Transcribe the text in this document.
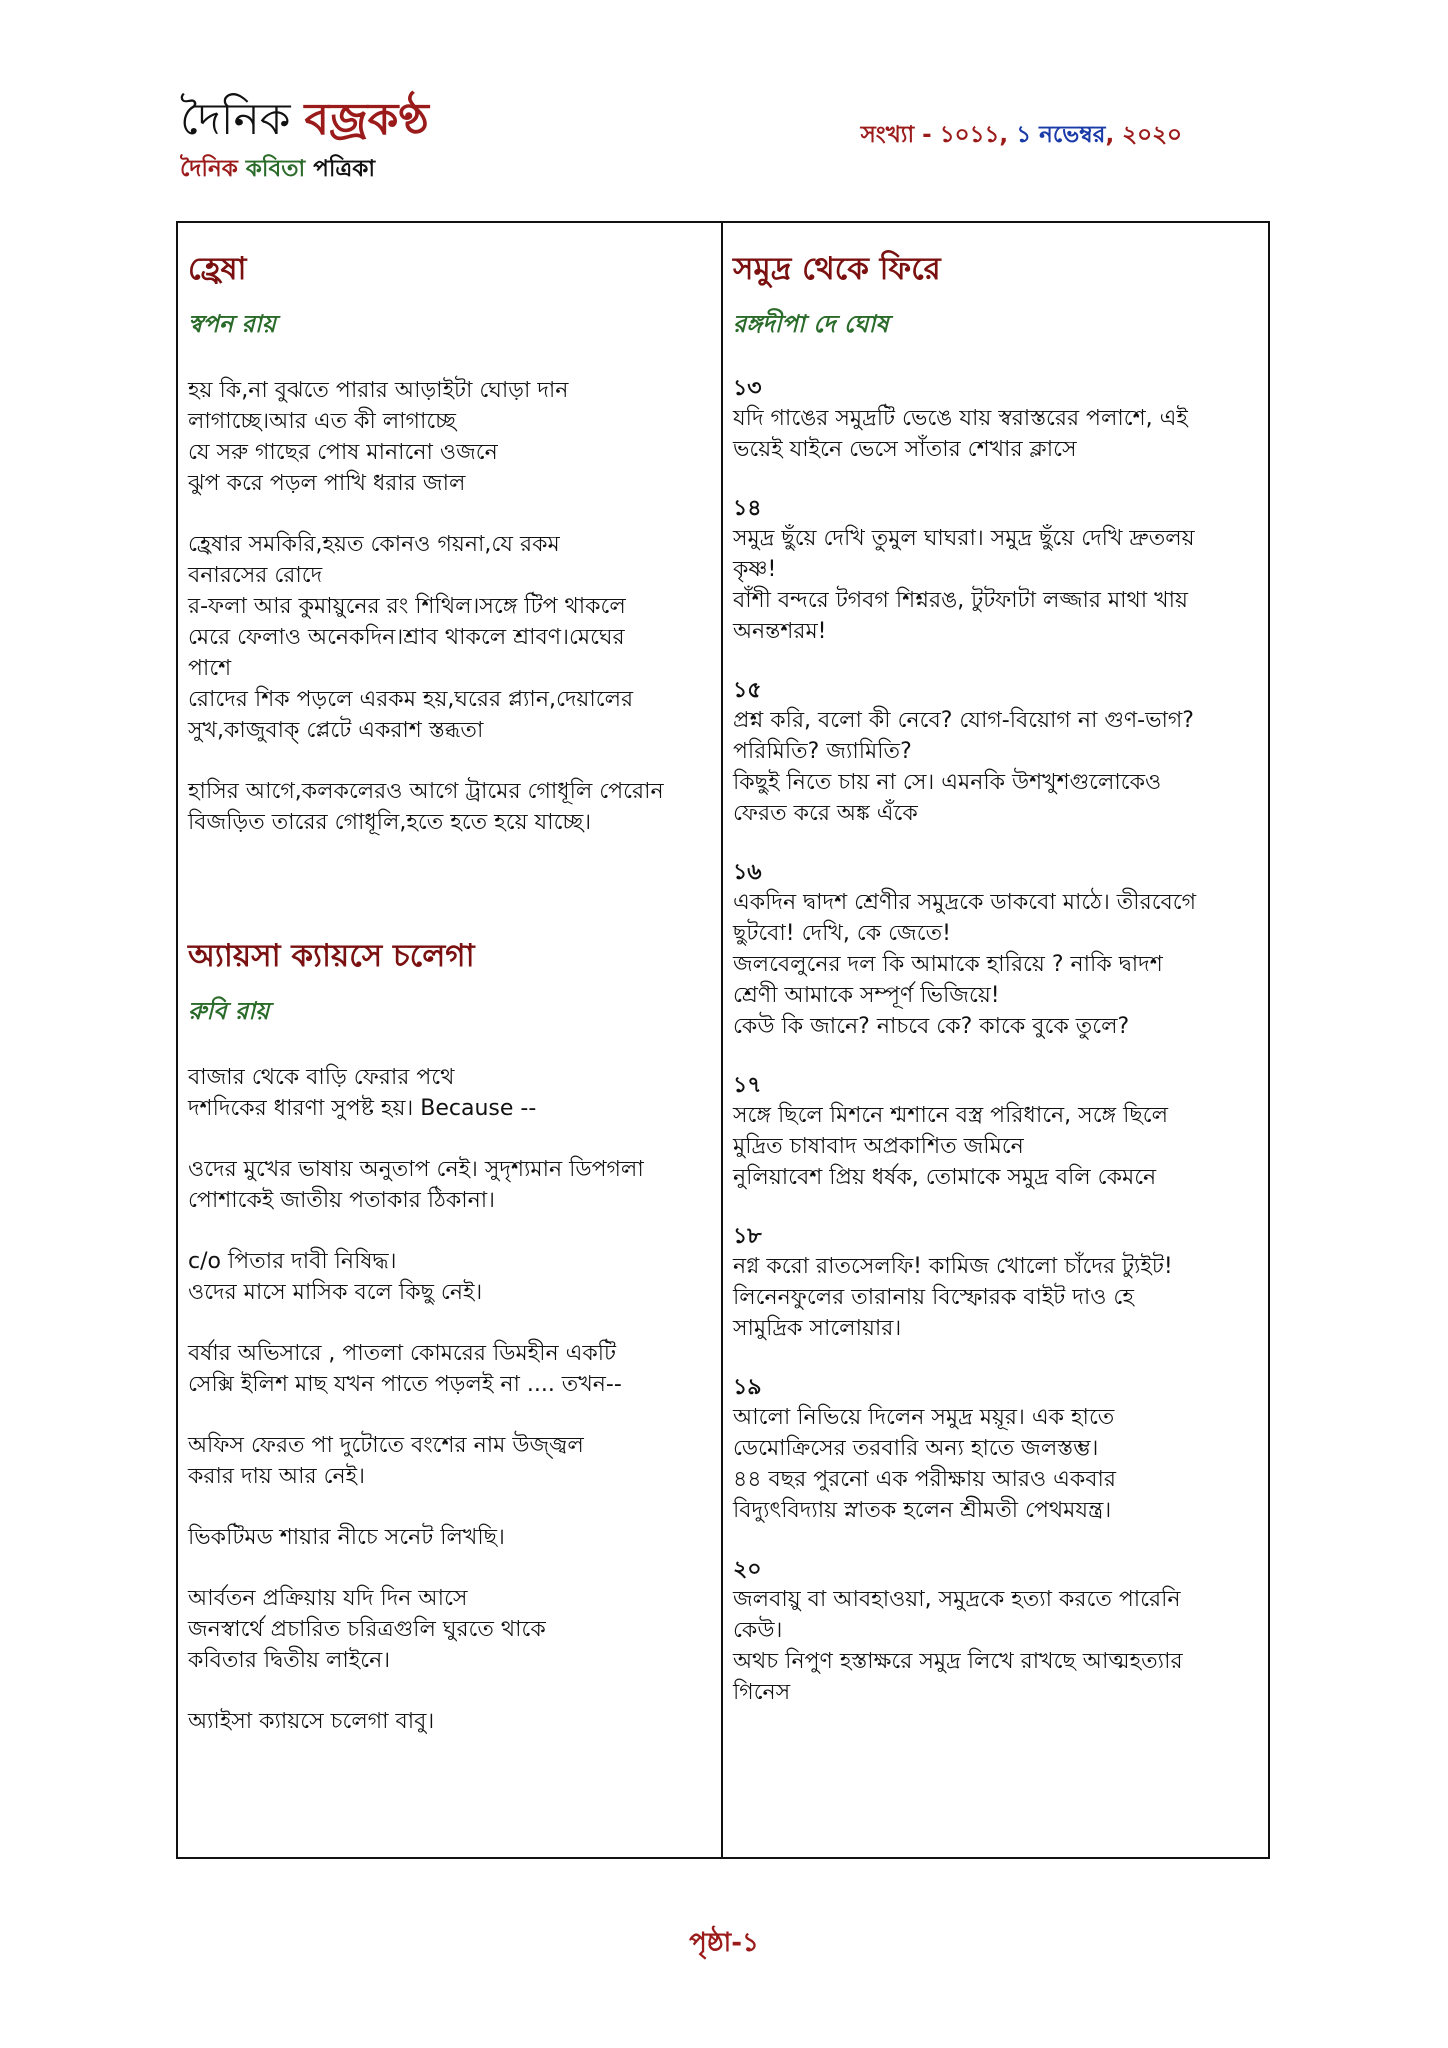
দৈনিক বজ্রকণ্ঠ
দৈনিক কবিতা পত্রিকা
সংখ্যা - ১০১১, ১ নভেম্বর, ২০২০
হ্রেষা
স্বপন রায়
হয় কি,না বুঝতে পারার আড়াইটা ঘোড়া দান
লাগাচ্ছে।আর এত কী লাগাচ্ছে
যে সরু গাছের পোষ মানানো ওজনে
ঝুপ করে পড়ল পাখি ধরার জাল
হ্রেষার সমকিরি,হয়ত কোনও গয়না,যে রকম
বনারসের রোদে
র-ফলা আর কুমায়ুনের রং শিথিল।সঙ্গে টিপ থাকলে
মেরে ফেলাও অনেকদিন।শ্রাব থাকলে শ্রাবণ।মেঘের
পাশে
রোদের শিক পড়লে এরকম হয়,ঘরের প্ল্যান,দেয়ালের
সুখ,কাজুবাক্‌ প্লেটে একরাশ স্তব্ধতা
হাসির আগে,কলকলেরও আগে ট্রামের গোধূলি পেরোন
বিজড়িত তারের গোধূলি,হতে হতে হয়ে যাচ্ছে।
অ্যায়সা ক্যায়সে চলেগা
রুবি রায়
বাজার থেকে বাড়ি ফেরার পথে
দশদিকের ধারণা সুপষ্ট হয়। Because --
ওদের মুখের ভাষায় অনুতাপ নেই। সুদৃশ্যমান ডিপগলা
পোশাকেই জাতীয় পতাকার ঠিকানা।
c/o পিতার দাবী নিষিদ্ধ।
ওদের মাসে মাসিক বলে কিছু নেই।
বর্ষার অভিসারে , পাতলা কোমরের ডিমহীন একটি
সেক্সি ইলিশ মাছ যখন পাতে পড়লই না .... তখন--
অফিস ফেরত পা দুটোতে বংশের নাম উজ্জ্বল
করার দায় আর নেই।
ভিকটিমড শায়ার নীচে সনেট লিখছি।
আর্বতন প্রক্রিয়ায় যদি দিন আসে
জনস্বার্থে প্রচারিত চরিত্রগুলি ঘুরতে থাকে
কবিতার দ্বিতীয় লাইনে।
অ্যাইসা ক্যায়সে চলেগা বাবু।
সমুদ্র থেকে ফিরে
রঙ্গদীপা দে ঘোষ
১৩
যদি গাঙের সমুদ্রটি ভেঙে যায় স্বরাস্তরের পলাশে, এই
ভয়েই যাইনে ভেসে সাঁতার শেখার ক্লাসে
১৪
সমুদ্র ছুঁয়ে দেখি তুমুল ঘাঘরা। সমুদ্র ছুঁয়ে দেখি দ্রুতলয়
কৃষ্ণ!
বাঁশী বন্দরে টগবগ শিশ্নরঙ, টুটফাটা লজ্জার মাথা খায়
অনন্তশরম!
১৫
প্রশ্ন করি, বলো কী নেবে? যোগ-বিয়োগ না গুণ-ভাগ?
পরিমিতি? জ্যামিতি?
কিছুই নিতে চায় না সে। এমনকি উশখুশগুলোকেও
ফেরত করে অঙ্ক এঁকে
১৬
একদিন দ্বাদশ শ্রেণীর সমুদ্রকে ডাকবো মাঠে। তীরবেগে
ছুটবো! দেখি, কে জেতে!
জলবেলুনের দল কি আমাকে হারিয়ে ? নাকি দ্বাদশ
শ্রেণী আমাকে সম্পূর্ণ ভিজিয়ে!
কেউ কি জানে? নাচবে কে? কাকে বুকে তুলে?
১৭
সঙ্গে ছিলে মিশনে শ্মশানে বস্ত্র পরিধানে, সঙ্গে ছিলে
মুদ্রিত চাষাবাদ অপ্রকাশিত জমিনে
নুলিয়াবেশ প্রিয় ধর্ষক, তোমাকে সমুদ্র বলি কেমনে
১৮
নগ্ন করো রাতসেলফি! কামিজ খোলো চাঁদের ট্যুইট!
লিনেনফুলের তারানায় বিস্ফোরক বাইট দাও হে
সামুদ্রিক সালোয়ার।
১৯
আলো নিভিয়ে দিলেন সমুদ্র ময়ূর। এক হাতে
ডেমোক্রিসের তরবারি অন্য হাতে জলস্তম্ভ।
৪৪ বছর পুরনো এক পরীক্ষায় আরও একবার
বিদ্যুৎবিদ্যায় স্নাতক হলেন শ্রীমতী পেথমযন্ত্র।
২০
জলবায়ু বা আবহাওয়া, সমুদ্রকে হত্যা করতে পারেনি
কেউ।
অথচ নিপুণ হস্তাক্ষরে সমুদ্র লিখে রাখছে আত্মহত্যার
গিনেস
পৃষ্ঠা-১
